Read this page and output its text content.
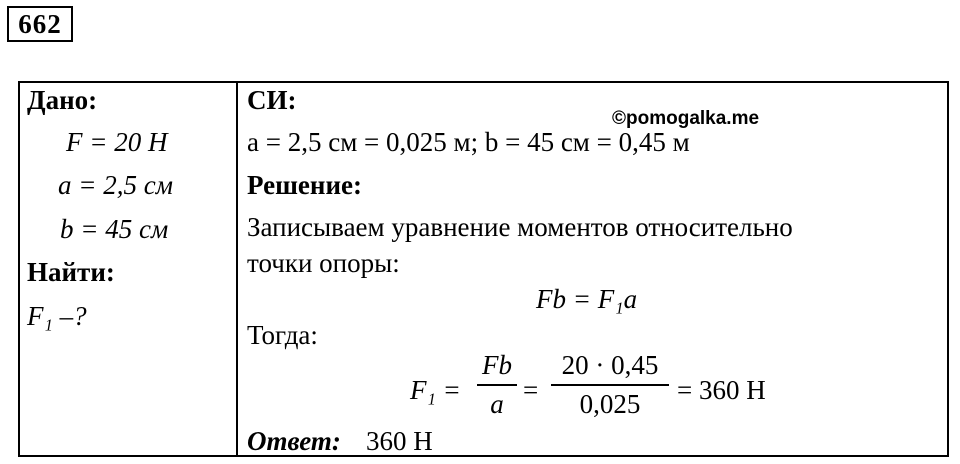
662
Дано:
F = 20 Н
a = 2,5 см
b = 45 см
Найти:
F₁ –?
СИ:
©pomogalka.me
a = 2,5 см = 0,025 м; b = 45 см = 0,45 м
Решение:
Записываем уравнение моментов относительно
точки опоры:
Fb = F₁a
Тогда:
F₁ =
Fb
a =
20 · 0,45
0,025 = 360 Н
Ответ: 360 Н
